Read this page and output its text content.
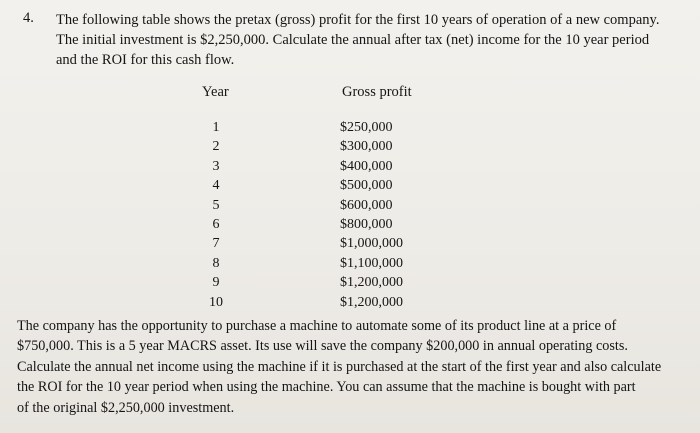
4. The following table shows the pretax (gross) profit for the first 10 years of operation of a new company.
The initial investment is $2,250,000. Calculate the annual after tax (net) income for the 10 year period
and the ROI for this cash flow.
Year	Gross profit
1
2
3
4
5
6
7
8
9
10
$250,000
$300,000
$400,000
$500,000
$600,000
$800,000
$1,000,000
$1,100,000
$1,200,000
$1,200,000
The company has the opportunity to purchase a machine to automate some of its product line at a price of
$750,000. This is a 5 year MACRS asset. Its use will save the company $200,000 in annual operating costs.
Calculate the annual net income using the machine if it is purchased at the start of the first year and also calculate
the ROI for the 10 year period when using the machine. You can assume that the machine is bought with part
of the original $2,250,000 investment.
